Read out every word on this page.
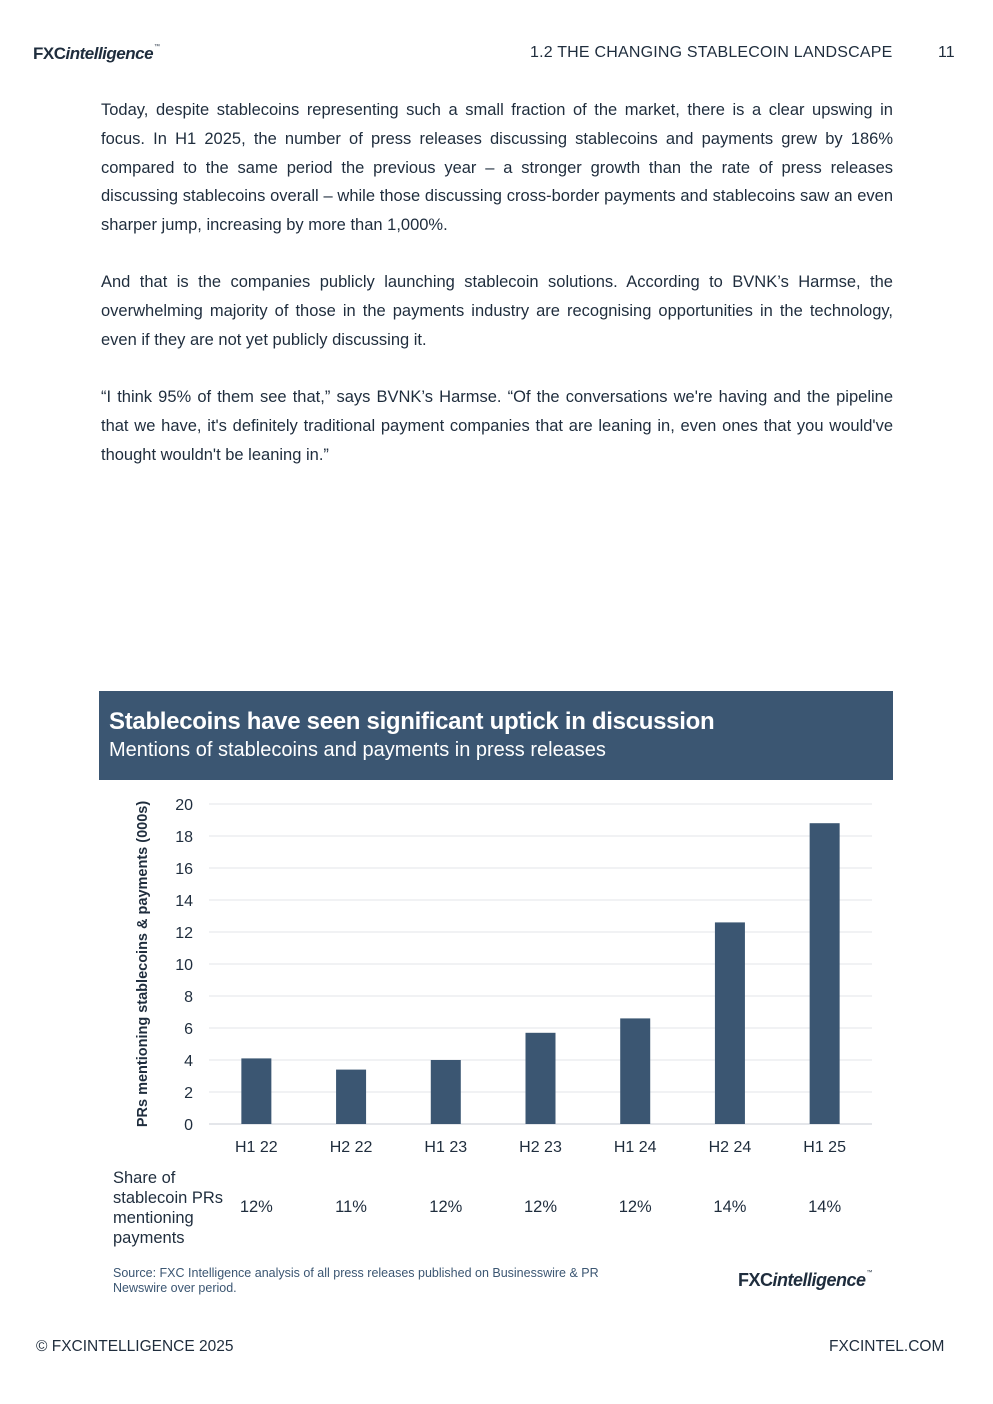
FXCintelligence™	1.2 THE CHANGING STABLECOIN LANDSCAPE	11

Today, despite stablecoins representing such a small fraction of the market, there is a clear upswing in focus. In H1 2025, the number of press releases discussing stablecoins and payments grew by 186% compared to the same period the previous year – a stronger growth than the rate of press releases discussing stablecoins overall – while those discussing cross-border payments and stablecoins saw an even sharper jump, increasing by more than 1,000%.

And that is the companies publicly launching stablecoin solutions. According to BVNK’s Harmse, the overwhelming majority of those in the payments industry are recognising opportunities in the technology, even if they are not yet publicly discussing it.

“I think 95% of them see that,” says BVNK’s Harmse. “Of the conversations we're having and the pipeline that we have, it's definitely traditional payment companies that are leaning in, even ones that you would've thought wouldn't be leaning in.”

Stablecoins have seen significant uptick in discussion
Mentions of stablecoins and payments in press releases
0
2
4
6
8
10
12
14
16
18
20
H1 22	H2 22	H1 23	H2 23	H1 24	H2 24	H1 25
PRs mentioning stablecoins & payments (000s)
Share of stablecoin PRs mentioning payments
12%	11%	12%	12%	12%	14%	14%
Source: FXC Intelligence analysis of all press releases published on Businesswire & PR Newswire over period.	FXCintelligence™
© FXCINTELLIGENCE 2025	FXCINTEL.COM
